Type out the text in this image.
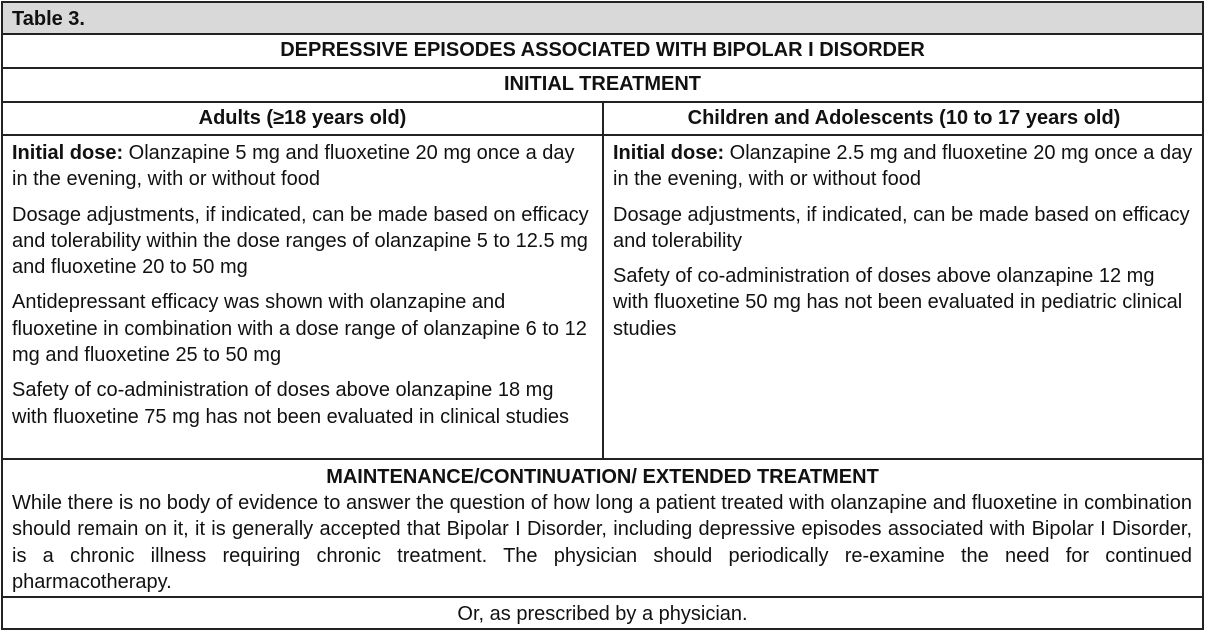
Table 3.
DEPRESSIVE EPISODES ASSOCIATED WITH BIPOLAR I DISORDER
INITIAL TREATMENT
Adults (≥18 years old)	Children and Adolescents (10 to 17 years old)

Initial dose: Olanzapine 5 mg and fluoxetine 20 mg once a day in the evening, with or without food

Dosage adjustments, if indicated, can be made based on efficacy and tolerability within the dose ranges of olanzapine 5 to 12.5 mg and fluoxetine 20 to 50 mg

Antidepressant efficacy was shown with olanzapine and fluoxetine in combination with a dose range of olanzapine 6 to 12 mg and fluoxetine 25 to 50 mg

Safety of co-administration of doses above olanzapine 18 mg with fluoxetine 75 mg has not been evaluated in clinical studies

Initial dose: Olanzapine 2.5 mg and fluoxetine 20 mg once a day in the evening, with or without food

Dosage adjustments, if indicated, can be made based on efficacy and tolerability

Safety of co-administration of doses above olanzapine 12 mg with fluoxetine 50 mg has not been evaluated in pediatric clinical studies

MAINTENANCE/CONTINUATION/ EXTENDED TREATMENT
While there is no body of evidence to answer the question of how long a patient treated with olanzapine and fluoxetine in combination should remain on it, it is generally accepted that Bipolar I Disorder, including depressive episodes associated with Bipolar I Disorder, is a chronic illness requiring chronic treatment. The physician should periodically re-examine the need for continued pharmacotherapy.
Or, as prescribed by a physician.
